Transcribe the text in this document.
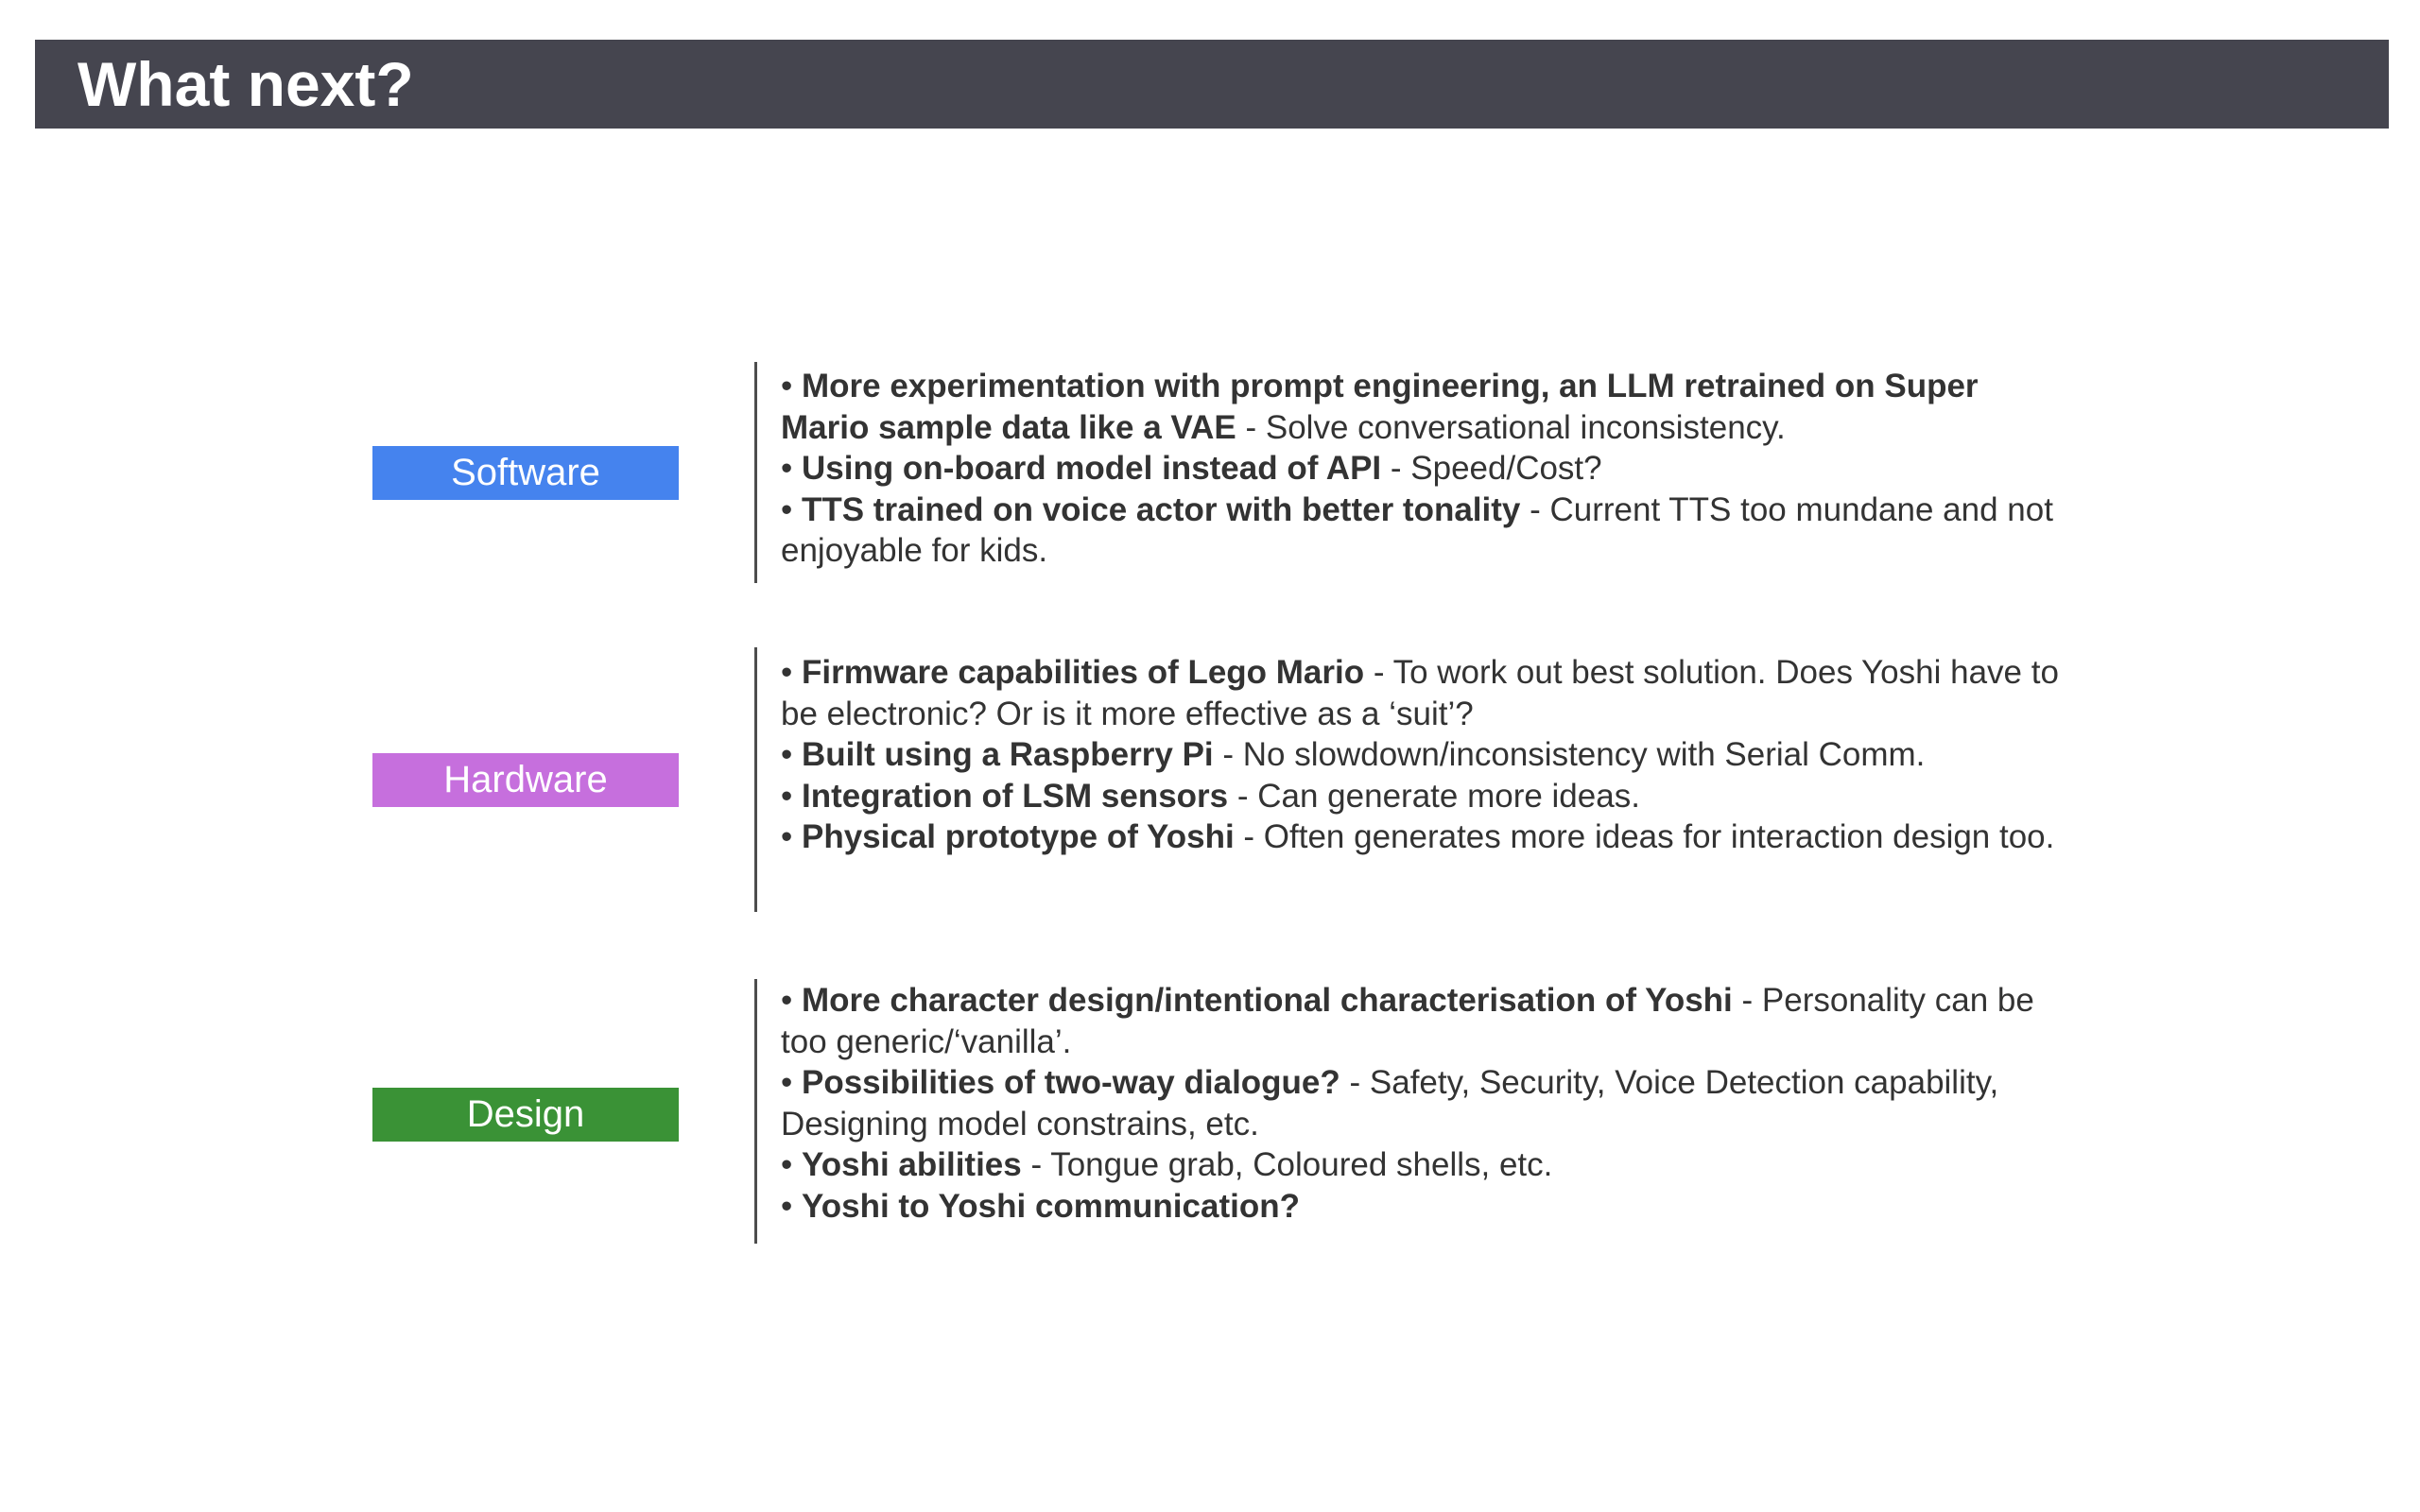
What next?
Software
• More experimentation with prompt engineering, an LLM retrained on Super Mario sample data like a VAE - Solve conversational inconsistency.
• Using on-board model instead of API - Speed/Cost?
• TTS trained on voice actor with better tonality - Current TTS too mundane and not enjoyable for kids.
Hardware
• Firmware capabilities of Lego Mario - To work out best solution. Does Yoshi have to be electronic? Or is it more effective as a ‘suit’?
• Built using a Raspberry Pi - No slowdown/inconsistency with Serial Comm.
• Integration of LSM sensors - Can generate more ideas.
• Physical prototype of Yoshi - Often generates more ideas for interaction design too.
Design
• More character design/intentional characterisation of Yoshi - Personality can be too generic/‘vanilla’.
• Possibilities of two-way dialogue? - Safety, Security, Voice Detection capability, Designing model constrains, etc.
• Yoshi abilities - Tongue grab, Coloured shells, etc.
• Yoshi to Yoshi communication?
